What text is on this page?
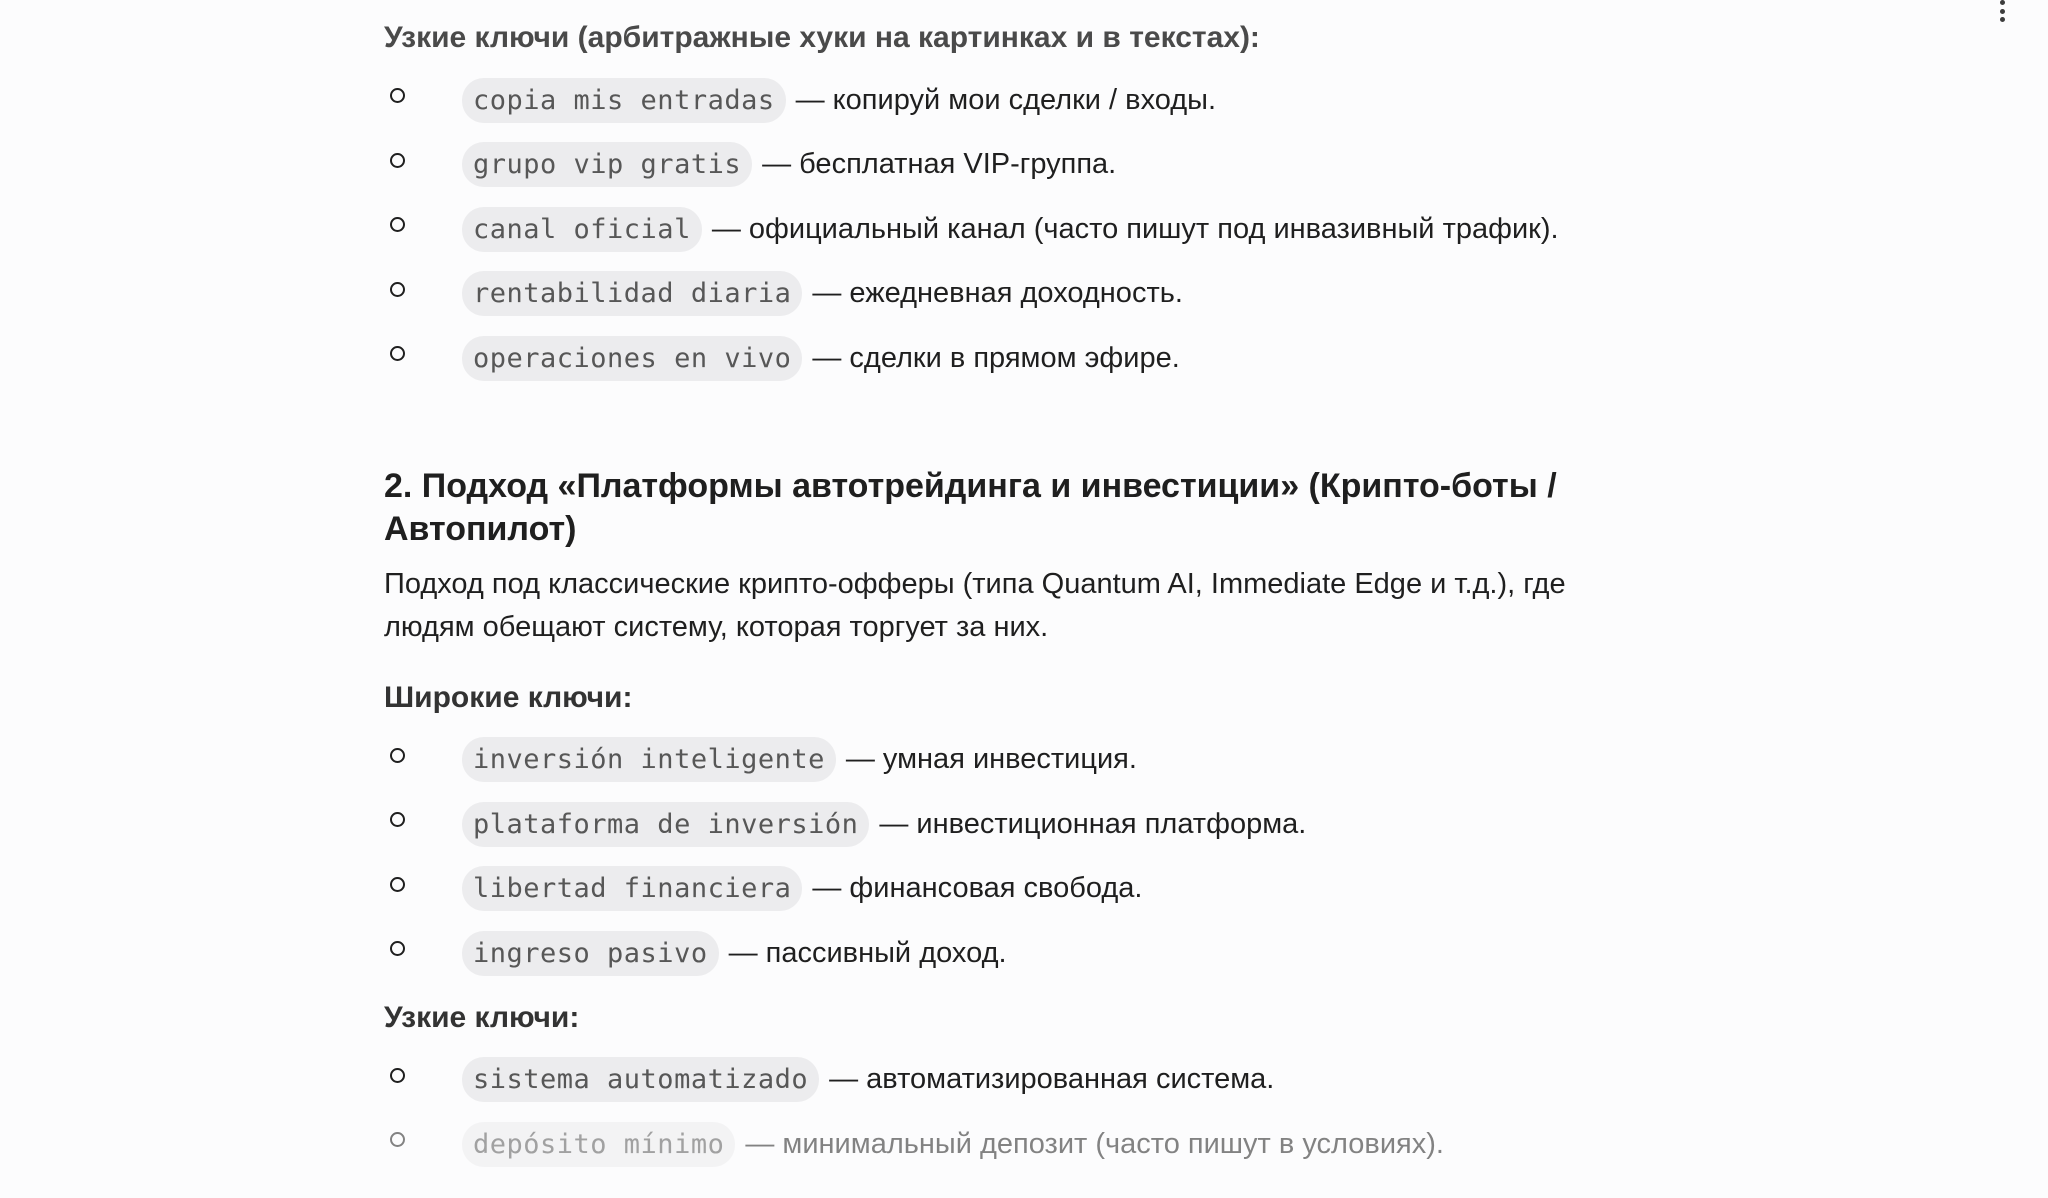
Узкие ключи (арбитражные хуки на картинках и в текстах):

copia mis entradas — копируй мои сделки / входы.
grupo vip gratis — бесплатная VIP-группа.
canal oficial — официальный канал (часто пишут под инвазивный трафик).
rentabilidad diaria — ежедневная доходность.
operaciones en vivo — сделки в прямом эфире.
2. Подход «Платформы автотрейдинга и инвестиции» (Крипто-боты /
Автопилот)

Подход под классические крипто-офферы (типа Quantum AI, Immediate Edge и т.д.), где
людям обещают систему, которая торгует за них.

Широкие ключи:

inversión inteligente — умная инвестиция.
plataforma de inversión — инвестиционная платформа.
libertad financiera — финансовая свобода.
ingreso pasivo — пассивный доход.

Узкие ключи:

sistema automatizado — автоматизированная система.
depósito mínimo — минимальный депозит (часто пишут в условиях).
